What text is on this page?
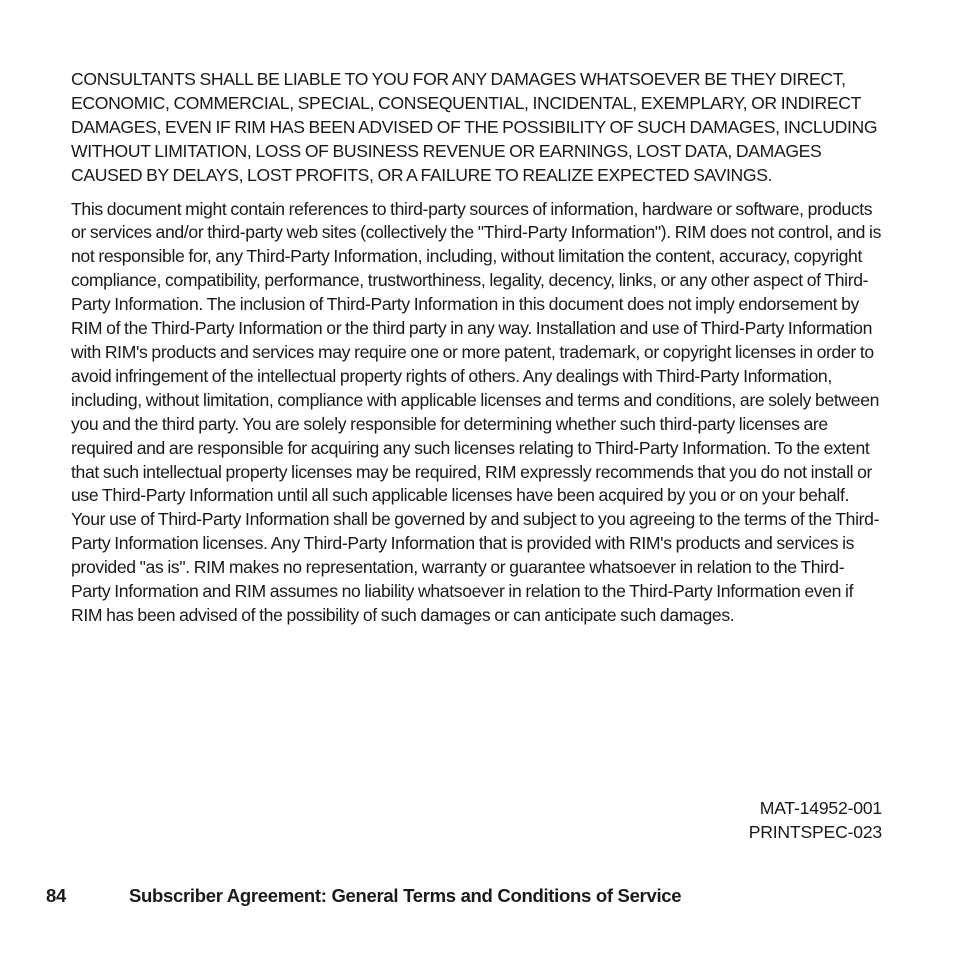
CONSULTANTS SHALL BE LIABLE TO YOU FOR ANY DAMAGES WHATSOEVER BE THEY DIRECT, ECONOMIC, COMMERCIAL, SPECIAL, CONSEQUENTIAL, INCIDENTAL, EXEMPLARY, OR INDIRECT DAMAGES, EVEN IF RIM HAS BEEN ADVISED OF THE POSSIBILITY OF SUCH DAMAGES, INCLUDING WITHOUT LIMITATION, LOSS OF BUSINESS REVENUE OR EARNINGS, LOST DATA, DAMAGES CAUSED BY DELAYS, LOST PROFITS, OR A FAILURE TO REALIZE EXPECTED SAVINGS.

This document might contain references to third-party sources of information, hardware or software, products or services and/or third-party web sites (collectively the "Third-Party Information"). RIM does not control, and is not responsible for, any Third-Party Information, including, without limitation the content, accuracy, copyright compliance, compatibility, performance, trustworthiness, legality, decency, links, or any other aspect of Third-Party Information. The inclusion of Third-Party Information in this document does not imply endorsement by RIM of the Third-Party Information or the third party in any way. Installation and use of Third-Party Information with RIM's products and services may require one or more patent, trademark, or copyright licenses in order to avoid infringement of the intellectual property rights of others. Any dealings with Third-Party Information, including, without limitation, compliance with applicable licenses and terms and conditions, are solely between you and the third party. You are solely responsible for determining whether such third-party licenses are required and are responsible for acquiring any such licenses relating to Third-Party Information. To the extent that such intellectual property licenses may be required, RIM expressly recommends that you do not install or use Third-Party Information until all such applicable licenses have been acquired by you or on your behalf. Your use of Third-Party Information shall be governed by and subject to you agreeing to the terms of the Third-Party Information licenses. Any Third-Party Information that is provided with RIM's products and services is provided "as is". RIM makes no representation, warranty or guarantee whatsoever in relation to the Third-Party Information and RIM assumes no liability whatsoever in relation to the Third-Party Information even if RIM has been advised of the possibility of such damages or can anticipate such damages.

MAT-14952-001
PRINTSPEC-023
84	Subscriber Agreement: General Terms and Conditions of Service
